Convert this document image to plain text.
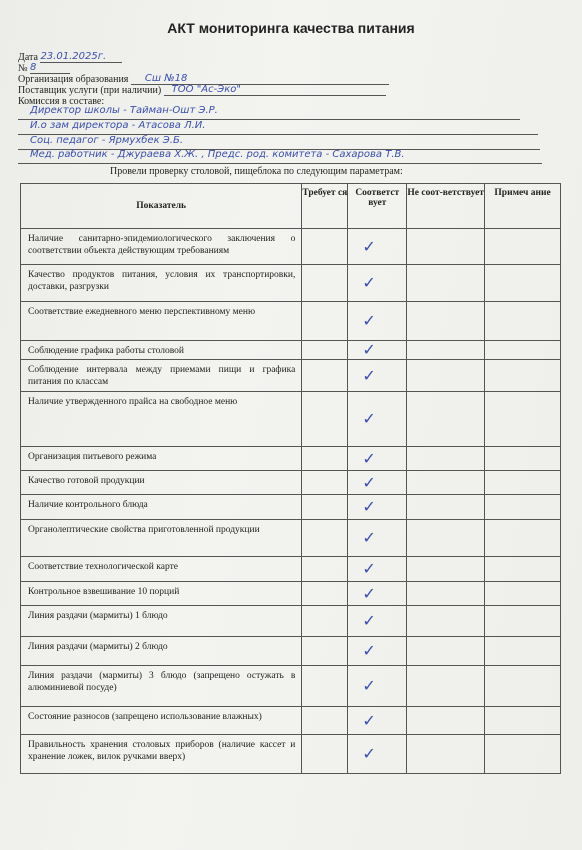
АКТ мониторинга качества питания
Дата 23.01.2025г.
№ 8
Организация образования Сш №18
Поставщик услуги (при наличии) ТОО "Ас-Эко"
Комиссия в составе:
Директор школы - Тайман-Ошт Э.Р.
И.о зам директора - Атасова Л.И.
Соц. педагог - Ярмухбек Э.Б.
Мед. работник - Джураева Х.Ж. , Предс. род. комитета - Сахарова Т.В.
Провели проверку столовой, пищеблока по следующим параметрам:
Показатель	Требует ся	Соответст вует	Не соот-ветствует	Примеч ание
Наличие санитарно-эпидемиологического заключения о соответствии объекта действующим требованиям		✓		

Качество продуктов питания, условия их транспортировки, доставки, разгрузки		✓		

Соответствие ежедневного меню перспективному меню		✓		

Соблюдение графика работы столовой		✓		

Соблюдение интервала между приемами пищи и графика питания по классам		✓		

Наличие утвержденного прайса на свободное меню		✓		

Организация питьевого режима		✓		

Качество готовой продукции		✓		

Наличие контрольного блюда		✓		

Органолептические свойства приготовленной продукции		✓		

Соответствие технологической карте		✓		

Контрольное взвешивание 10 порций		✓		

Линия раздачи (мармиты) 1 блюдо		✓		

Линия раздачи (мармиты) 2 блюдо		✓		

Линия раздачи (мармиты) 3 блюдо (запрещено остужать в алюминиевой посуде)		✓		

Состояние разносов (запрещено использование влажных)		✓		

Правильность хранения столовых приборов (наличие кассет и хранение ложек, вилок ручками вверх)		✓		
